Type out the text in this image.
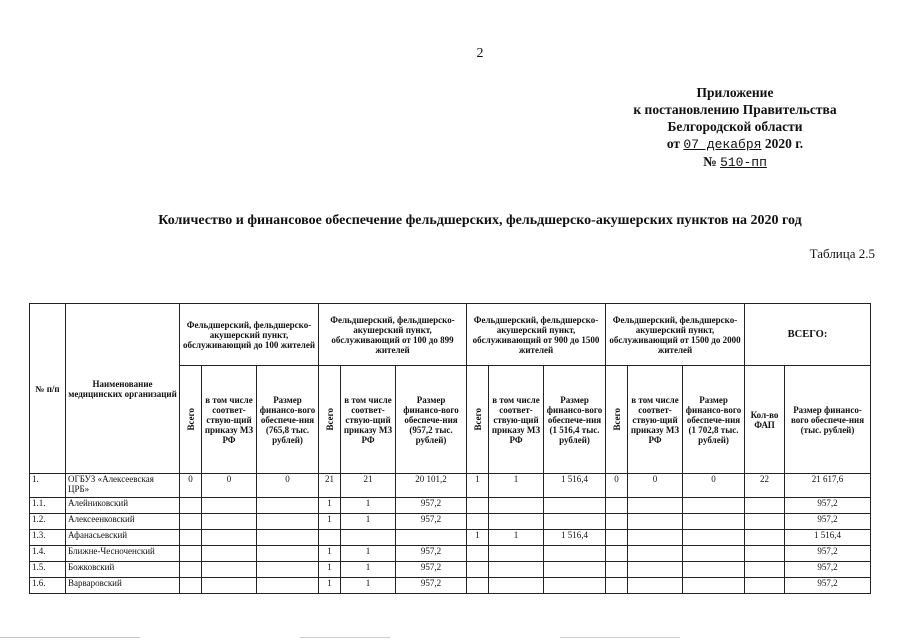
2
Приложение
к постановлению Правительства
Белгородской области
от 07 декабря 2020 г.
№ 510-пп
Количество и финансовое обеспечение фельдшерских, фельдшерско-акушерских пунктов на 2020 год
Таблица 2.5
№ п/п	Наименование медицинских организаций	Фельдшерский, фельдшерско-акушерский пункт, обслуживающий до 100 жителей			Фельдшерский, фельдшерско-акушерский пункт, обслуживающий от 100 до 899 жителей			Фельдшерский, фельдшерско-акушерский пункт, обслуживающий от 900 до 1500 жителей			Фельдшерский, фельдшерско-акушерский пункт, обслуживающий от 1500 до 2000 жителей			ВСЕГО:	

		Всего	в том числе соответ-ствую-щий приказу МЗ РФ	Размер финансо-вого обеспече-ния (765,8 тыс. рублей)	Всего	в том числе соответ-ствую-щий приказу МЗ РФ	Размер финансо-вого обеспече-ния (957,2 тыс. рублей)	Всего	в том числе соответ-ствую-щий приказу МЗ РФ	Размер финансо-вого обеспече-ния (1 516,4 тыс. рублей)	Всего	в том числе соответ-ствую-щий приказу МЗ РФ	Размер финансо-вого обеспече-ния (1 702,8 тыс. рублей)	Кол-во ФАП	Размер финансо-вого обеспече-ния (тыс. рублей)
1.	ОГБУЗ «Алексеевская ЦРБ»	0	0	0	21	21	20 101,2	1	1	1 516,4	0	0	0	22	21 617,6
1.1.	Алейниковский				1	1	957,2								957,2
1.2.	Алексеенковский				1	1	957,2								957,2
1.3.	Афанасьевский							1	1	1 516,4					1 516,4
1.4.	Ближне-Чесноченский				1	1	957,2								957,2
1.5.	Божковский				1	1	957,2								957,2
1.6.	Варваровский				1	1	957,2								957,2
